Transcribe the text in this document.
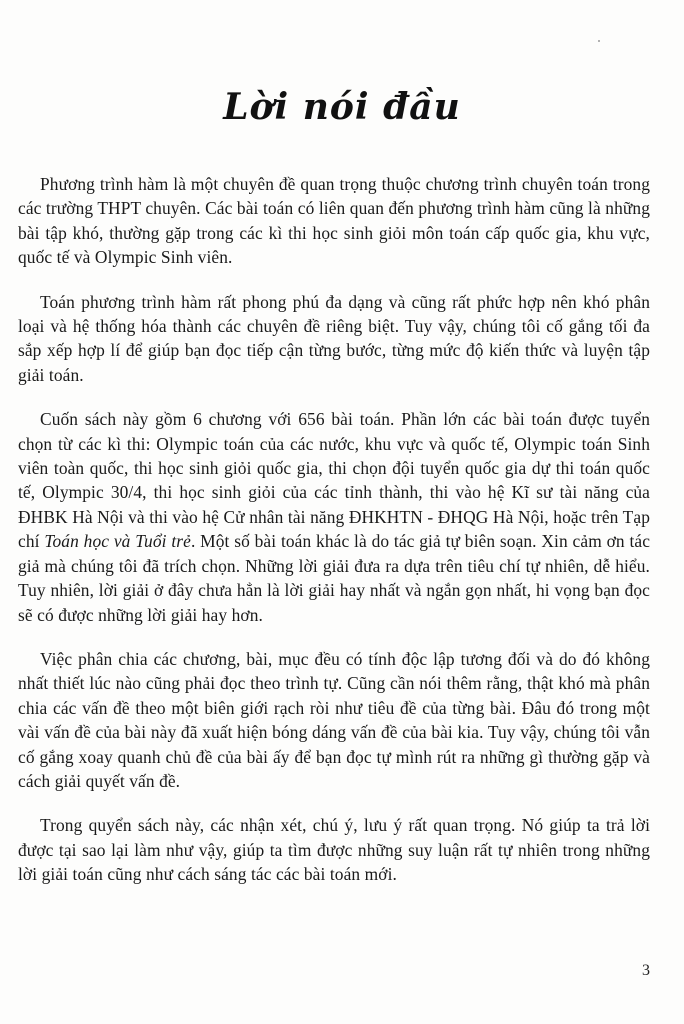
Lời nói đầu

Phương trình hàm là một chuyên đề quan trọng thuộc chương trình chuyên toán trong các trường THPT chuyên. Các bài toán có liên quan đến phương trình hàm cũng là những bài tập khó, thường gặp trong các kì thi học sinh giỏi môn toán cấp quốc gia, khu vực, quốc tế và Olympic Sinh viên.

Toán phương trình hàm rất phong phú đa dạng và cũng rất phức hợp nên khó phân loại và hệ thống hóa thành các chuyên đề riêng biệt. Tuy vậy, chúng tôi cố gắng tối đa sắp xếp hợp lí để giúp bạn đọc tiếp cận từng bước, từng mức độ kiến thức và luyện tập giải toán.

Cuốn sách này gồm 6 chương với 656 bài toán. Phần lớn các bài toán được tuyển chọn từ các kì thi: Olympic toán của các nước, khu vực và quốc tế, Olympic toán Sinh viên toàn quốc, thi học sinh giỏi quốc gia, thi chọn đội tuyển quốc gia dự thi toán quốc tế, Olympic 30/4, thi học sinh giỏi của các tỉnh thành, thi vào hệ Kĩ sư tài năng của ĐHBK Hà Nội và thi vào hệ Cử nhân tài năng ĐHKHTN - ĐHQG Hà Nội, hoặc trên Tạp chí Toán học và Tuổi trẻ. Một số bài toán khác là do tác giả tự biên soạn. Xin cảm ơn tác giả mà chúng tôi đã trích chọn. Những lời giải đưa ra dựa trên tiêu chí tự nhiên, dễ hiểu. Tuy nhiên, lời giải ở đây chưa hẳn là lời giải hay nhất và ngắn gọn nhất, hi vọng bạn đọc sẽ có được những lời giải hay hơn.

Việc phân chia các chương, bài, mục đều có tính độc lập tương đối và do đó không nhất thiết lúc nào cũng phải đọc theo trình tự. Cũng cần nói thêm rằng, thật khó mà phân chia các vấn đề theo một biên giới rạch ròi như tiêu đề của từng bài. Đâu đó trong một vài vấn đề của bài này đã xuất hiện bóng dáng vấn đề của bài kia. Tuy vậy, chúng tôi vẫn cố gắng xoay quanh chủ đề của bài ấy để bạn đọc tự mình rút ra những gì thường gặp và cách giải quyết vấn đề.

Trong quyển sách này, các nhận xét, chú ý, lưu ý rất quan trọng. Nó giúp ta trả lời được tại sao lại làm như vậy, giúp ta tìm được những suy luận rất tự nhiên trong những lời giải toán cũng như cách sáng tác các bài toán mới.

3
